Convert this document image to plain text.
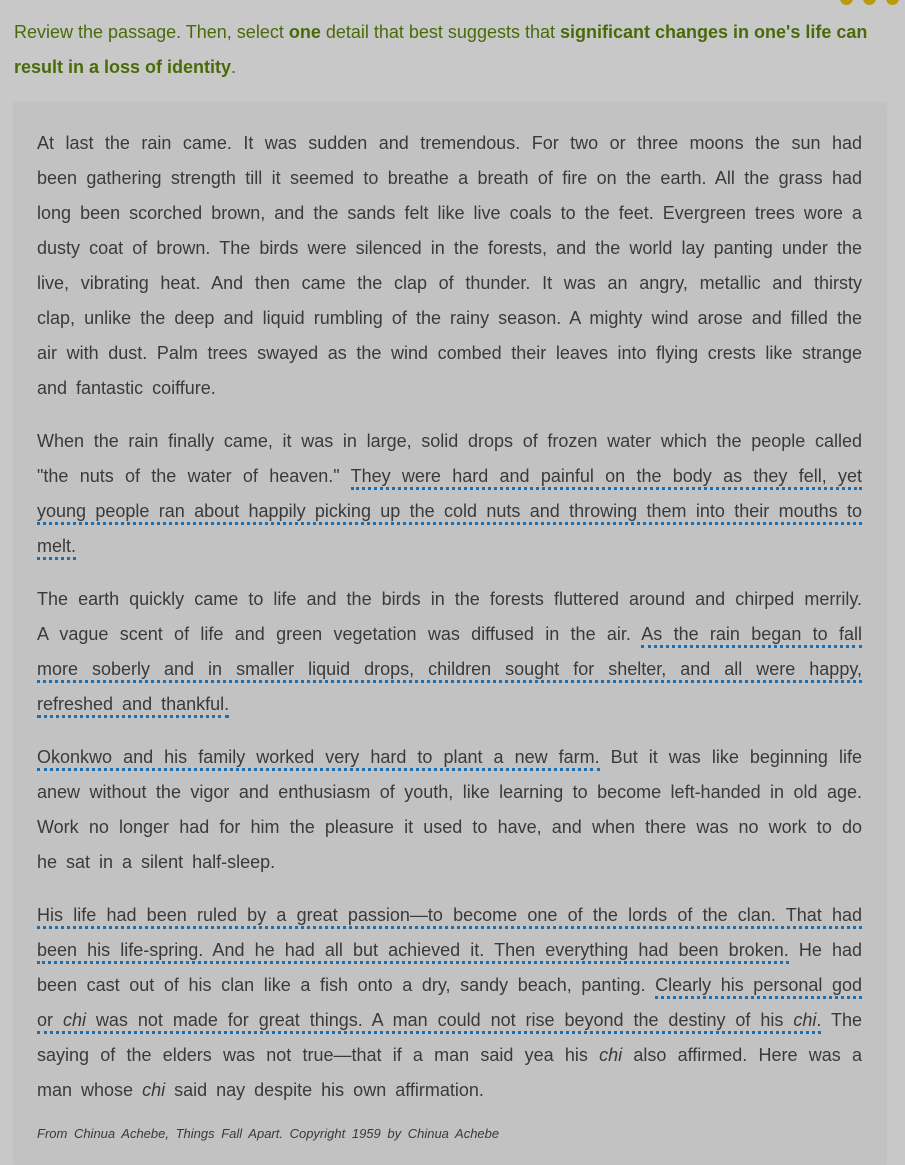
Review the passage. Then, select one detail that best suggests that significant changes in one's life can result in a loss of identity.

At last the rain came. It was sudden and tremendous. For two or three moons the sun had been gathering strength till it seemed to breathe a breath of fire on the earth. All the grass had long been scorched brown, and the sands felt like live coals to the feet. Evergreen trees wore a dusty coat of brown. The birds were silenced in the forests, and the world lay panting under the live, vibrating heat. And then came the clap of thunder. It was an angry, metallic and thirsty clap, unlike the deep and liquid rumbling of the rainy season. A mighty wind arose and filled the air with dust. Palm trees swayed as the wind combed their leaves into flying crests like strange and fantastic coiffure.

When the rain finally came, it was in large, solid drops of frozen water which the people called "the nuts of the water of heaven." They were hard and painful on the body as they fell, yet young people ran about happily picking up the cold nuts and throwing them into their mouths to melt.

The earth quickly came to life and the birds in the forests fluttered around and chirped merrily. A vague scent of life and green vegetation was diffused in the air. As the rain began to fall more soberly and in smaller liquid drops, children sought for shelter, and all were happy, refreshed and thankful.

Okonkwo and his family worked very hard to plant a new farm. But it was like beginning life anew without the vigor and enthusiasm of youth, like learning to become left-handed in old age. Work no longer had for him the pleasure it used to have, and when there was no work to do he sat in a silent half-sleep.

His life had been ruled by a great passion—to become one of the lords of the clan. That had been his life-spring. And he had all but achieved it. Then everything had been broken. He had been cast out of his clan like a fish onto a dry, sandy beach, panting. Clearly his personal god or chi was not made for great things. A man could not rise beyond the destiny of his chi. The saying of the elders was not true—that if a man said yea his chi also affirmed. Here was a man whose chi said nay despite his own affirmation.

From Chinua Achebe, Things Fall Apart. Copyright 1959 by Chinua Achebe
